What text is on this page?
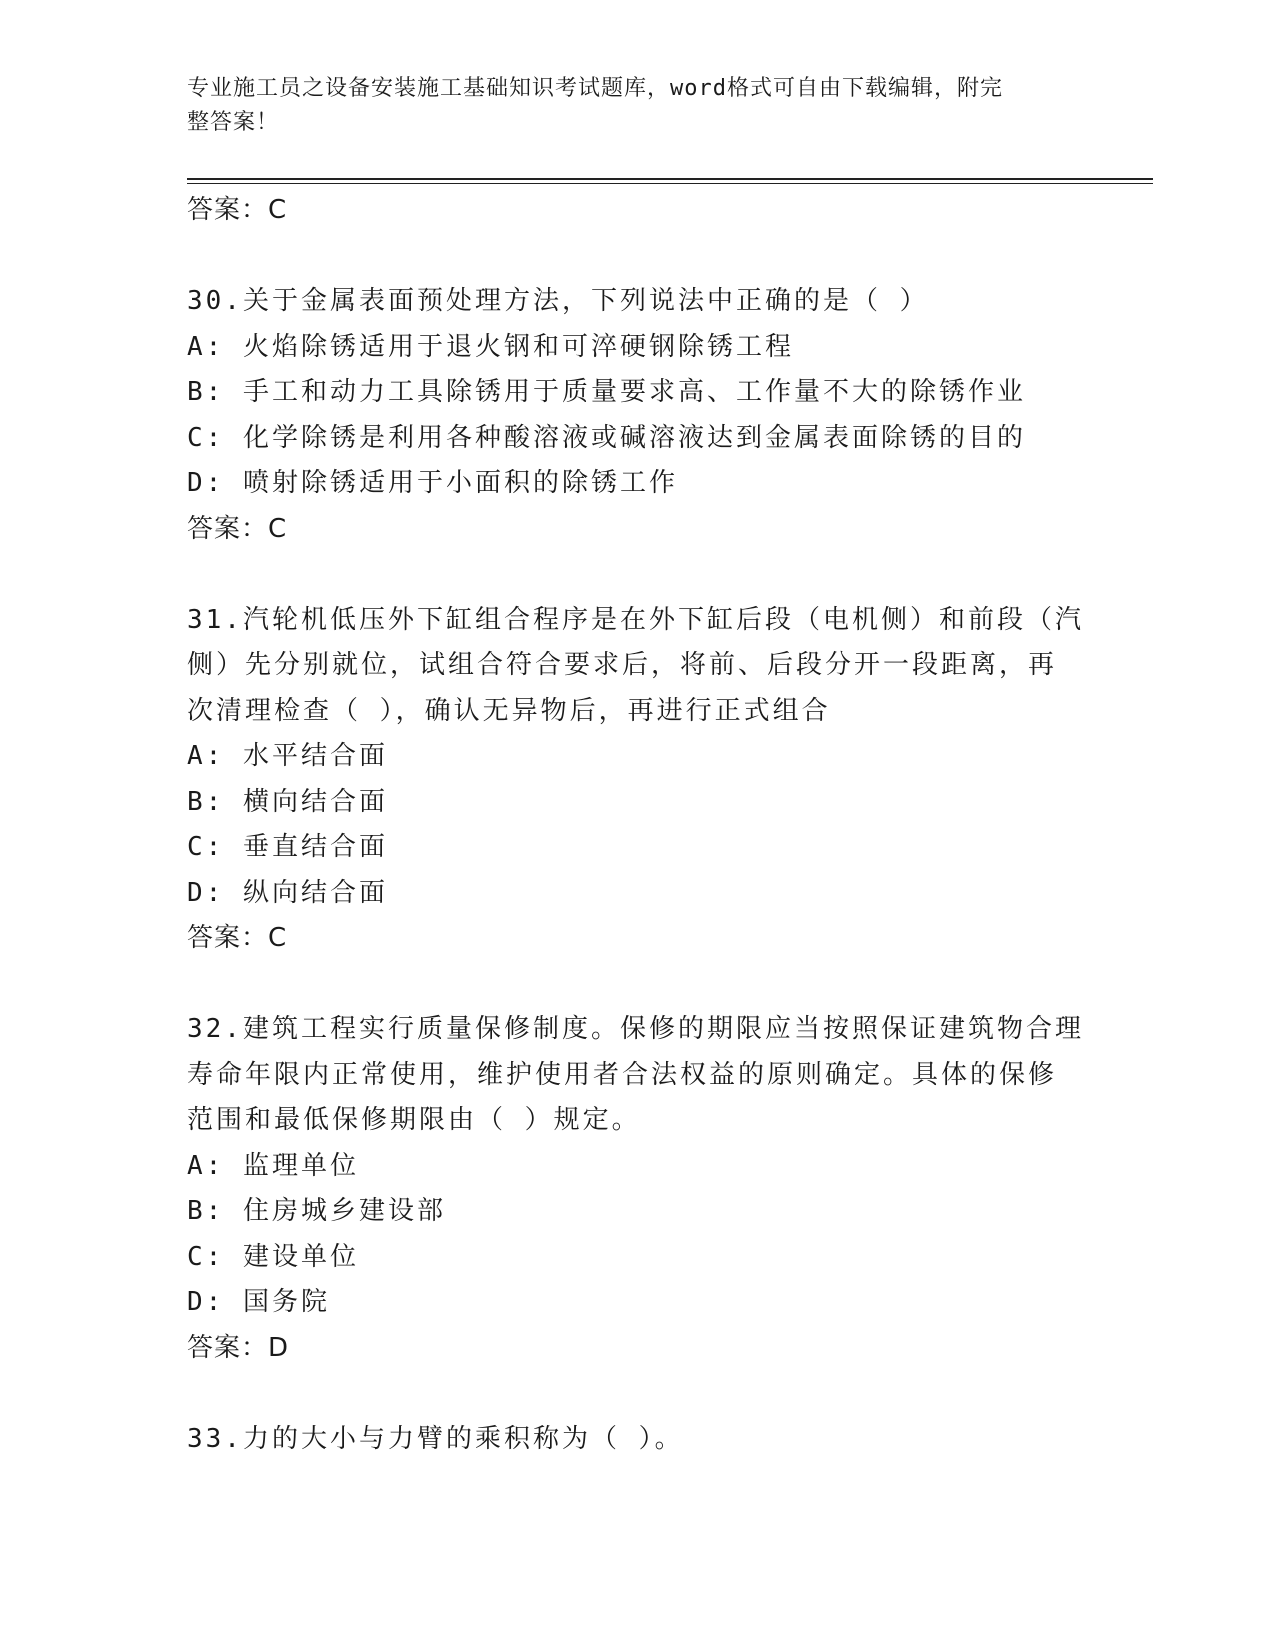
专业施工员之设备安装施工基础知识考试题库，word格式可自由下载编辑，附完
整答案！
答案：C
30.关于金属表面预处理方法，下列说法中正确的是（ ）
A: 火焰除锈适用于退火钢和可淬硬钢除锈工程
B: 手工和动力工具除锈用于质量要求高、工作量不大的除锈作业
C: 化学除锈是利用各种酸溶液或碱溶液达到金属表面除锈的目的
D: 喷射除锈适用于小面积的除锈工作
答案：C
31.汽轮机低压外下缸组合程序是在外下缸后段（电机侧）和前段（汽
侧）先分别就位，试组合符合要求后，将前、后段分开一段距离，再
次清理检查（ ），确认无异物后，再进行正式组合
A: 水平结合面
B: 横向结合面
C: 垂直结合面
D: 纵向结合面
答案：C
32.建筑工程实行质量保修制度。保修的期限应当按照保证建筑物合理
寿命年限内正常使用，维护使用者合法权益的原则确定。具体的保修
范围和最低保修期限由（ ）规定。
A: 监理单位
B: 住房城乡建设部
C: 建设单位
D: 国务院
答案：D
33.力的大小与力臂的乘积称为（ ）。
